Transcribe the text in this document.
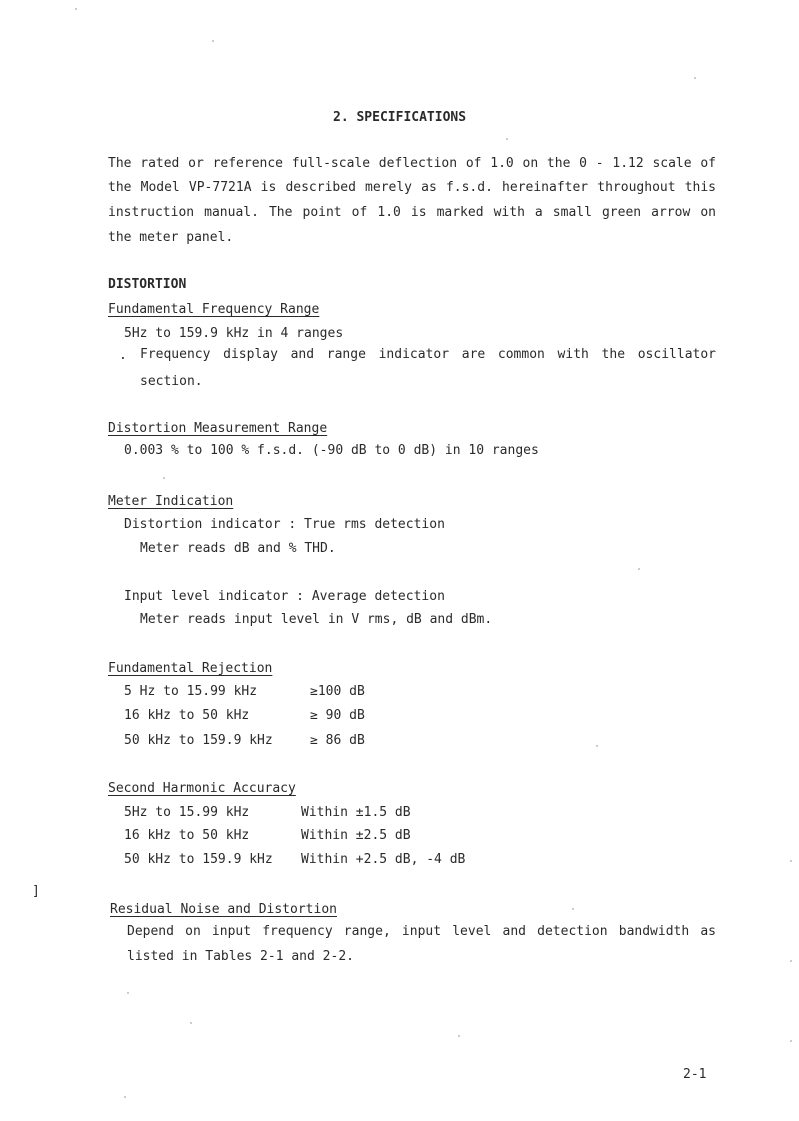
2. SPECIFICATIONS
The rated or reference full-scale deflection of 1.0 on the 0 - 1.12 scale of
the Model VP-7721A is described merely as f.s.d. hereinafter throughout this
instruction manual. The point of 1.0 is marked with a small green arrow on
the meter panel.
DISTORTION
Fundamental Frequency Range
5Hz to 159.9 kHz in 4 ranges
. Frequency display and range indicator are common with the oscillator
section.
Distortion Measurement Range
0.003 % to 100 % f.s.d. (-90 dB to 0 dB) in 10 ranges
Meter Indication
Distortion indicator : True rms detection
Meter reads dB and % THD.
Input level indicator : Average detection
Meter reads input level in V rms, dB and dBm.
Fundamental Rejection
5 Hz to 15.99 kHz	≥100 dB
16 kHz to 50 kHz	≥ 90 dB
50 kHz to 159.9 kHz	≥ 86 dB
Second Harmonic Accuracy
5Hz to 15.99 kHz	Within ±1.5 dB
16 kHz to 50 kHz	Within ±2.5 dB
50 kHz to 159.9 kHz Within +2.5 dB, -4 dB
]
Residual Noise and Distortion
Depend on input frequency range, input level and detection bandwidth as
listed in Tables 2-1 and 2-2.
2-1
